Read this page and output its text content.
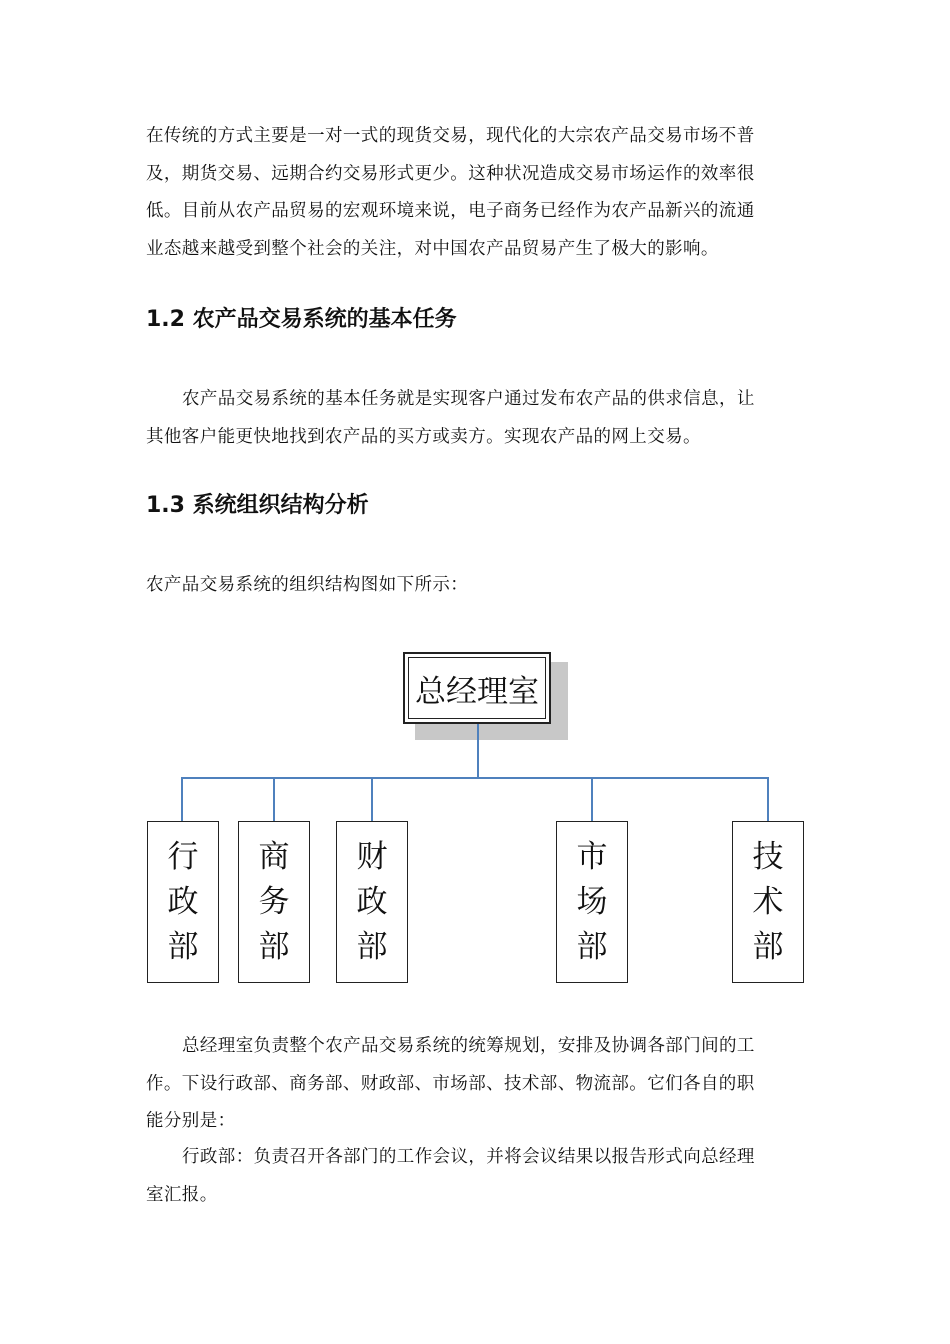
在传统的方式主要是一对一式的现货交易，现代化的大宗农产品交易市场不普
及，期货交易、远期合约交易形式更少。这种状况造成交易市场运作的效率很
低。目前从农产品贸易的宏观环境来说，电子商务已经作为农产品新兴的流通
业态越来越受到整个社会的关注，对中国农产品贸易产生了极大的影响。

1.2 农产品交易系统的基本任务

农产品交易系统的基本任务就是实现客户通过发布农产品的供求信息，让
其他客户能更快地找到农产品的买方或卖方。实现农产品的网上交易。

1.3 系统组织结构分析

农产品交易系统的组织结构图如下所示：

总经理室
行
政
部
商
务
部
财
政
部
市
场
部
技
术
部

总经理室负责整个农产品交易系统的统筹规划，安排及协调各部门间的工
作。下设行政部、商务部、财政部、市场部、技术部、物流部。它们各自的职
能分别是：

行政部：负责召开各部门的工作会议，并将会议结果以报告形式向总经理
室汇报。
